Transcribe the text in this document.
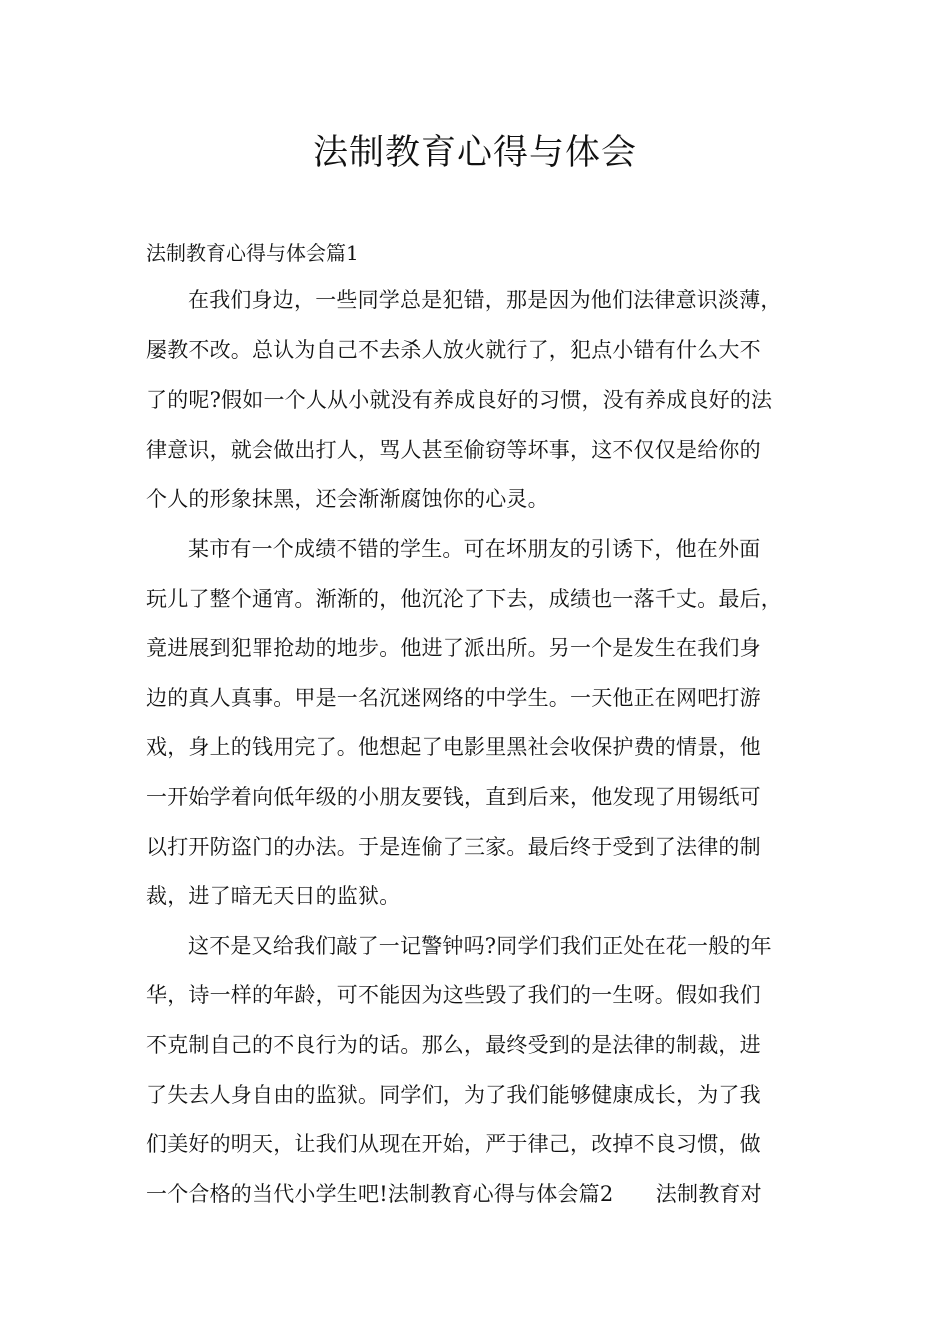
法制教育心得与体会

法制教育心得与体会篇1

在我们身边，一些同学总是犯错，那是因为他们法律意识淡薄，

屡教不改。总认为自己不去杀人放火就行了，犯点小错有什么大不

了的呢?假如一个人从小就没有养成良好的习惯，没有养成良好的法

律意识，就会做出打人，骂人甚至偷窃等坏事，这不仅仅是给你的

个人的形象抹黑，还会渐渐腐蚀你的心灵。

某市有一个成绩不错的学生。可在坏朋友的引诱下，他在外面

玩儿了整个通宵。渐渐的，他沉沦了下去，成绩也一落千丈。最后，

竟进展到犯罪抢劫的地步。他进了派出所。另一个是发生在我们身

边的真人真事。甲是一名沉迷网络的中学生。一天他正在网吧打游

戏，身上的钱用完了。他想起了电影里黑社会收保护费的情景，他

一开始学着向低年级的小朋友要钱，直到后来，他发现了用锡纸可

以打开防盗门的办法。于是连偷了三家。最后终于受到了法律的制

裁，进了暗无天日的监狱。

这不是又给我们敲了一记警钟吗?同学们我们正处在花一般的年

华，诗一样的年龄，可不能因为这些毁了我们的一生呀。假如我们

不克制自己的不良行为的话。那么，最终受到的是法律的制裁，进

了失去人身自由的监狱。同学们，为了我们能够健康成长，为了我

们美好的明天，让我们从现在开始，严于律己，改掉不良习惯，做

一个合格的当代小学生吧!法制教育心得与体会篇2　　法制教育对
